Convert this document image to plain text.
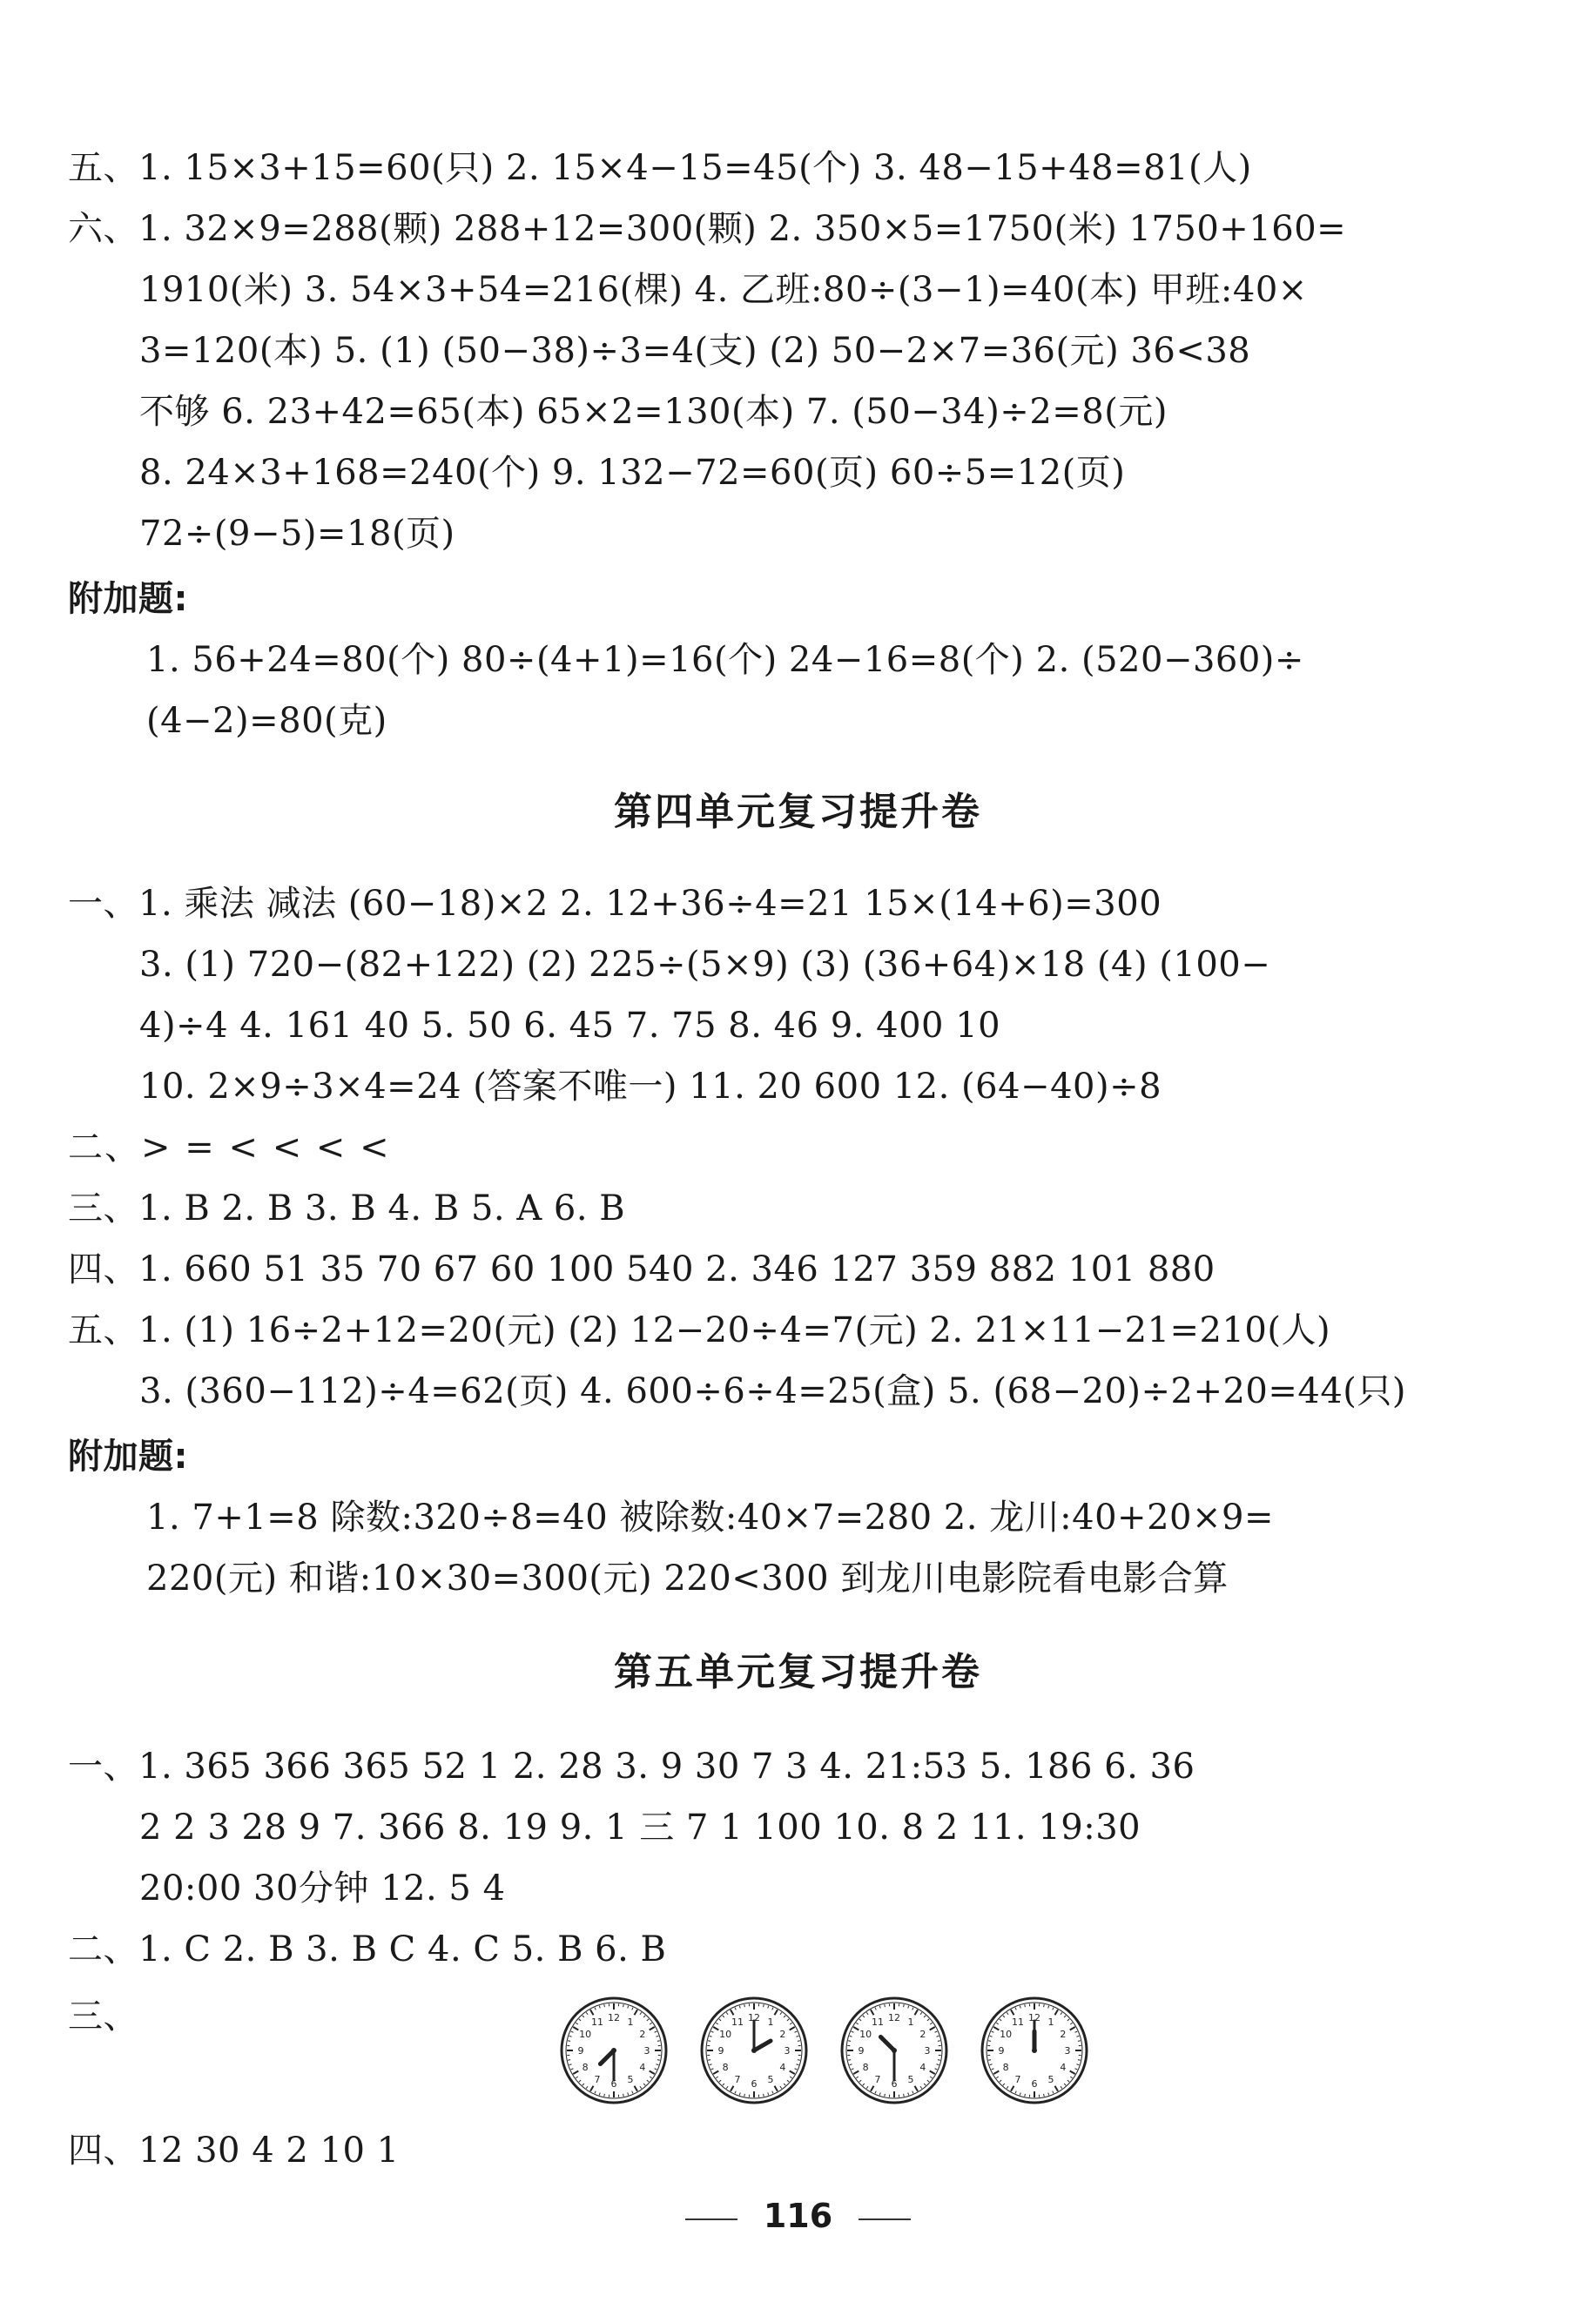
五、1. 15×3+15=60(只) 2. 15×4−15=45(个) 3. 48−15+48=81(人)
六、1. 32×9=288(颗) 288+12=300(颗) 2. 350×5=1750(米) 1750+160=
1910(米) 3. 54×3+54=216(棵) 4. 乙班:80÷(3−1)=40(本) 甲班:40×
3=120(本) 5. (1) (50−38)÷3=4(支) (2) 50−2×7=36(元) 36<38
不够 6. 23+42=65(本) 65×2=130(本) 7. (50−34)÷2=8(元)
8. 24×3+168=240(个) 9. 132−72=60(页) 60÷5=12(页)
72÷(9−5)=18(页)
附加题:
1. 56+24=80(个) 80÷(4+1)=16(个) 24−16=8(个) 2. (520−360)÷
(4−2)=80(克)
第四单元复习提升卷
一、1. 乘法 减法 (60−18)×2 2. 12+36÷4=21 15×(14+6)=300
3. (1) 720−(82+122) (2) 225÷(5×9) (3) (36+64)×18 (4) (100−
4)÷4 4. 161 40 5. 50 6. 45 7. 75 8. 46 9. 400 10
10. 2×9÷3×4=24 (答案不唯一) 11. 20 600 12. (64−40)÷8
二、> = < < < <
三、1. B 2. B 3. B 4. B 5. A 6. B
四、1. 660 51 35 70 67 60 100 540 2. 346 127 359 882 101 880
五、1. (1) 16÷2+12=20(元) (2) 12−20÷4=7(元) 2. 21×11−21=210(人)
3. (360−112)÷4=62(页) 4. 600÷6÷4=25(盒) 5. (68−20)÷2+20=44(只)
附加题:
1. 7+1=8 除数:320÷8=40 被除数:40×7=280 2. 龙川:40+20×9=
220(元) 和谐:10×30=300(元) 220<300 到龙川电影院看电影合算
第五单元复习提升卷
一、1. 365 366 365 52 1 2. 28 3. 9 30 7 3 4. 21:53 5. 186 6. 36
2 2 3 28 9 7. 366 8. 19 9. 1 三 7 1 100 10. 8 2 11. 19:30
20:00 30分钟 12. 5 4
二、1. C 2. B 3. B C 4. C 5. B 6. B
三、	12 1
2
3
4
5
6
7
8
9
10
11
	12 1
2
3
4
5
6
7
8
9
10
11
	12 1
2
3
4
5
6
7
8
9
10
11
	12 1
2
3
4
5
6
7
8
9
10
11
四、12 30 4 2 10 1
116
